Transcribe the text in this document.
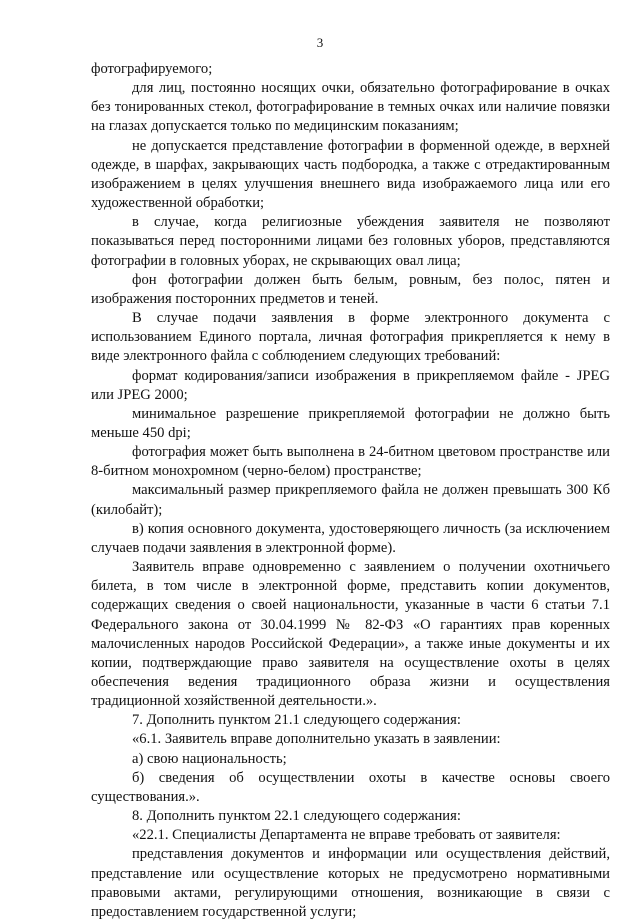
3

фотографируемого;

для лиц, постоянно носящих очки, обязательно фотографирование в очках без тонированных стекол, фотографирование в темных очках или наличие повязки на глазах допускается только по медицинским показаниям;

не допускается представление фотографии в форменной одежде, в верхней одежде, в шарфах, закрывающих часть подбородка, а также с отредактированным изображением в целях улучшения внешнего вида изображаемого лица или его художественной обработки;

в случае, когда религиозные убеждения заявителя не позволяют показываться перед посторонними лицами без головных уборов, представляются фотографии в головных уборах, не скрывающих овал лица;

фон фотографии должен быть белым, ровным, без полос, пятен и изображения посторонних предметов и теней.

В случае подачи заявления в форме электронного документа с использованием Единого портала, личная фотография прикрепляется к нему в виде электронного файла с соблюдением следующих требований:

формат кодирования/записи изображения в прикрепляемом файле - JPEG или JPEG 2000;

минимальное разрешение прикрепляемой фотографии не должно быть меньше 450 dpi;

фотография может быть выполнена в 24-битном цветовом пространстве или 8-битном монохромном (черно-белом) пространстве;

максимальный размер прикрепляемого файла не должен превышать 300 Кб (килобайт);

в) копия основного документа, удостоверяющего личность (за исключением случаев подачи заявления в электронной форме).

Заявитель вправе одновременно с заявлением о получении охотничьего билета, в том числе в электронной форме, представить копии документов, содержащих сведения о своей национальности, указанные в части 6 статьи 7.1 Федерального закона от 30.04.1999 № 82-ФЗ «О гарантиях прав коренных малочисленных народов Российской Федерации», а также иные документы и их копии, подтверждающие право заявителя на осуществление охоты в целях обеспечения ведения традиционного образа жизни и осуществления традиционной хозяйственной деятельности.».

7. Дополнить пунктом 21.1 следующего содержания:

«6.1. Заявитель вправе дополнительно указать в заявлении:

а) свою национальность;

б) сведения об осуществлении охоты в качестве основы своего существования.».

8. Дополнить пунктом 22.1 следующего содержания:

«22.1. Специалисты Департамента не вправе требовать от заявителя:

представления документов и информации или осуществления действий, представление или осуществление которых не предусмотрено нормативными правовыми актами, регулирующими отношения, возникающие в связи с предоставлением государственной услуги;
